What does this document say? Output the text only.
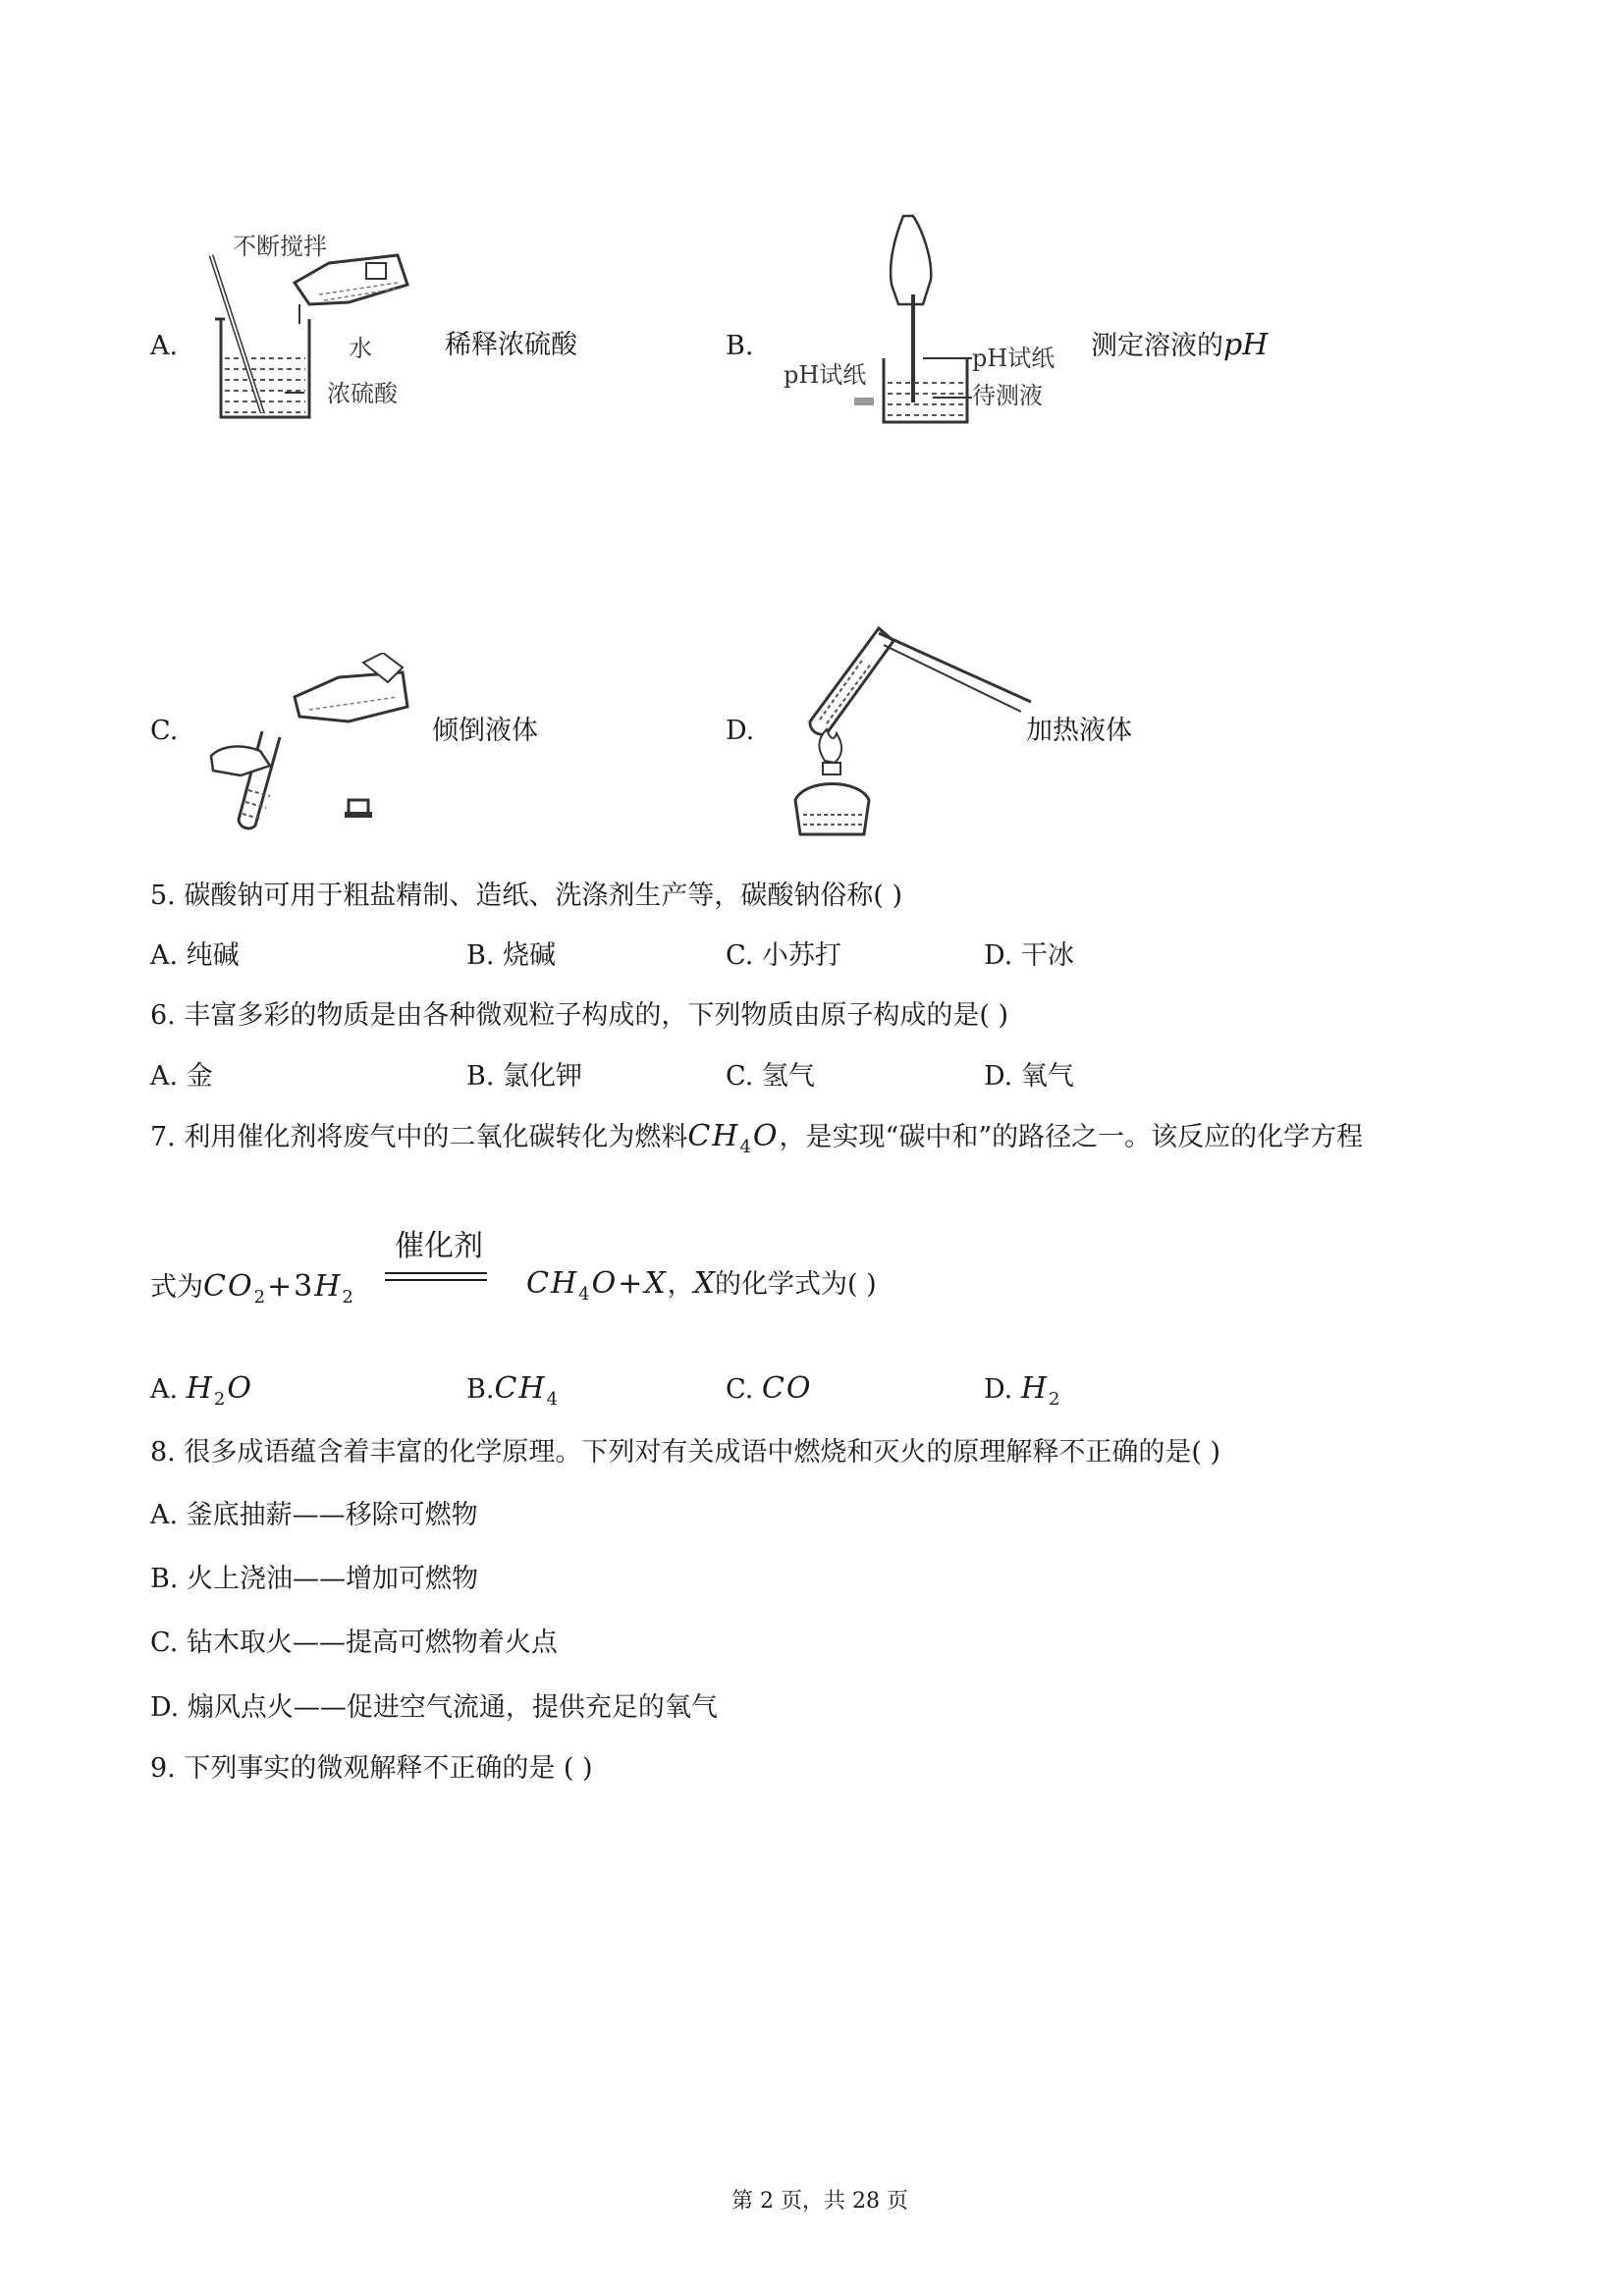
A.
不断搅拌
水
浓硫酸
稀释浓硫酸	B.
pH试纸
pH试纸
待测液
测定溶液的pH
C.	倾倒液体	D.	加热液体
5. 碳酸钠可用于粗盐精制、造纸、洗涤剂生产等，碳酸钠俗称( )
A. 纯碱	B. 烧碱	C. 小苏打	D. 干冰
6. 丰富多彩的物质是由各种微观粒子构成的，下列物质由原子构成的是( )
A. 金	B. 氯化钾	C. 氢气	D. 氧气
7. 利用催化剂将废气中的二氧化碳转化为燃料$CH_4O$，是实现“碳中和”的路径之一。该反应的化学方程
式为$CO_2+3H_2$
催化剂
$CH_4O+X$，X的化学式为( )
A. $H_2O$	$B.CH_4$	C. CO	D. $H_2$
8. 很多成语蕴含着丰富的化学原理。下列对有关成语中燃烧和灭火的原理解释不正确的是( )
A. 釜底抽薪——移除可燃物
B. 火上浇油——增加可燃物
C. 钻木取火——提高可燃物着火点
D. 煽风点火——促进空气流通，提供充足的氧气
9. 下列事实的微观解释不正确的是 ( )
第 2 页，共 28 页
